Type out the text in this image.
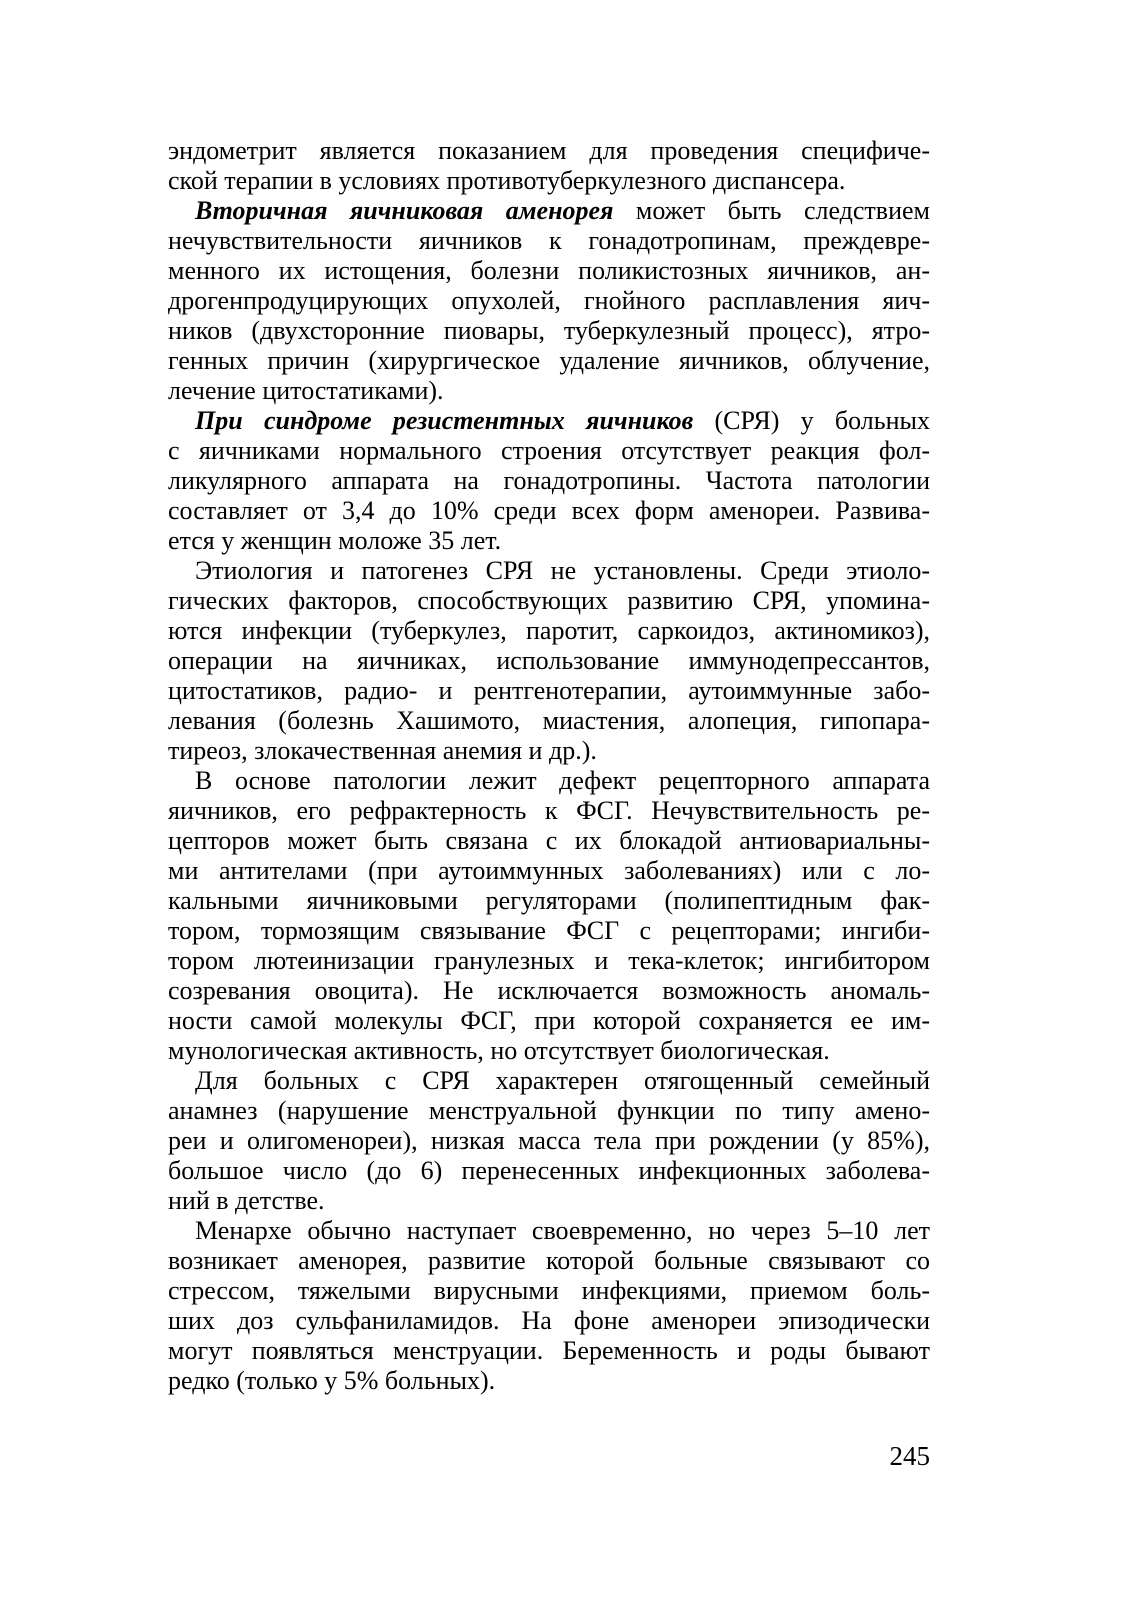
эндометрит является показанием для проведения специфиче-
ской терапии в условиях противотуберкулезного диспансера.
Вторичная яичниковая аменорея может быть следствием
нечувствительности яичников к гонадотропинам, преждевре-
менного их истощения, болезни поликистозных яичников, ан-
дрогенпродуцирующих опухолей, гнойного расплавления яич-
ников (двухсторонние пиовары, туберкулезный процесс), ятро-
генных причин (хирургическое удаление яичников, облучение,
лечение цитостатиками).
При синдроме резистентных яичников (СРЯ) у больных
с яичниками нормального строения отсутствует реакция фол-
ликулярного аппарата на гонадотропины. Частота патологии
составляет от 3,4 до 10% среди всех форм аменореи. Развива-
ется у женщин моложе 35 лет.
Этиология и патогенез СРЯ не установлены. Среди этиоло-
гических факторов, способствующих развитию СРЯ, упомина-
ются инфекции (туберкулез, паротит, саркоидоз, актиномикоз),
операции на яичниках, использование иммунодепрессантов,
цитостатиков, радио- и рентгенотерапии, аутоиммунные забо-
левания (болезнь Хашимото, миастения, алопеция, гипопара-
тиреоз, злокачественная анемия и др.).
В основе патологии лежит дефект рецепторного аппарата
яичников, его рефрактерность к ФСГ. Нечувствительность ре-
цепторов может быть связана с их блокадой антиовариальны-
ми антителами (при аутоиммунных заболеваниях) или с ло-
кальными яичниковыми регуляторами (полипептидным фак-
тором, тормозящим связывание ФСГ с рецепторами; ингиби-
тором лютеинизации гранулезных и тека-клеток; ингибитором
созревания овоцита). Не исключается возможность аномаль-
ности самой молекулы ФСГ, при которой сохраняется ее им-
мунологическая активность, но отсутствует биологическая.
Для больных с СРЯ характерен отягощенный семейный
анамнез (нарушение менструальной функции по типу амено-
реи и олигоменореи), низкая масса тела при рождении (у 85%),
большое число (до 6) перенесенных инфекционных заболева-
ний в детстве.
Менархе обычно наступает своевременно, но через 5–10 лет
возникает аменорея, развитие которой больные связывают со
стрессом, тяжелыми вирусными инфекциями, приемом боль-
ших доз сульфаниламидов. На фоне аменореи эпизодически
могут появляться менструации. Беременность и роды бывают
редко (только у 5% больных).
245
